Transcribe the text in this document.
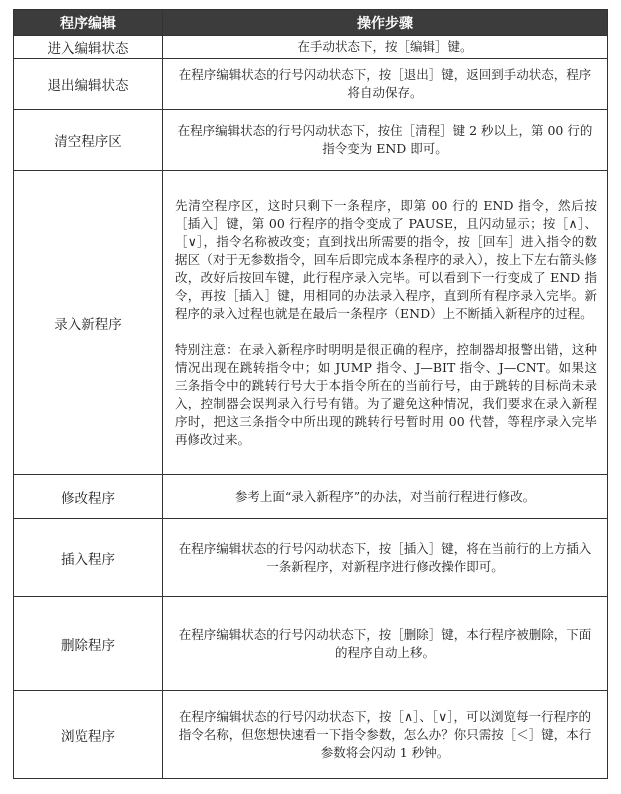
程序编辑	操作步骤
进入编辑状态	在手动状态下，按［编辑］键。
退出编辑状态	在程序编辑状态的行号闪动状态下，按［退出］键，返回到手动状态，程序将自动保存。
清空程序区	在程序编辑状态的行号闪动状态下，按住［清程］键 2 秒以上，第 00 行的指令变为 END 即可。
录入新程序	先清空程序区，这时只剩下一条程序，即第 00 行的 END 指令，然后按［插入］键，第 00 行程序的指令变成了 PAUSE，且闪动显示；按［∧］、［∨］，指令名称被改变；直到找出所需要的指令，按［回车］进入指令的数据区（对于无参数指令，回车后即完成本条程序的录入），按上下左右箭头修改，改好后按回车键，此行程序录入完毕。可以看到下一行变成了 END 指令，再按［插入］键，用相同的办法录入程序，直到所有程序录入完毕。新程序的录入过程也就是在最后一条程序（END）上不断插入新程序的过程。

特别注意：在录入新程序时明明是很正确的程序，控制器却报警出错，这种情况出现在跳转指令中；如 JUMP 指令、J—BIT 指令、J—CNT。如果这三条指令中的跳转行号大于本指令所在的当前行号，由于跳转的目标尚未录入，控制器会误判录入行号有错。为了避免这种情况，我们要求在录入新程序时，把这三条指令中所出现的跳转行号暂时用 00 代替，等程序录入完毕再修改过来。

修改程序	参考上面“录入新程序”的办法，对当前行程进行修改。
插入程序	在程序编辑状态的行号闪动状态下，按［插入］键，将在当前行的上方插入一条新程序，对新程序进行修改操作即可。
删除程序	在程序编辑状态的行号闪动状态下，按［删除］键，本行程序被删除，下面的程序自动上移。
浏览程序	在程序编辑状态的行号闪动状态下，按［∧］、［∨］，可以浏览每一行程序的指令名称，但您想快速看一下指令参数，怎么办？你只需按［＜］键，本行参数将会闪动 1 秒钟。
